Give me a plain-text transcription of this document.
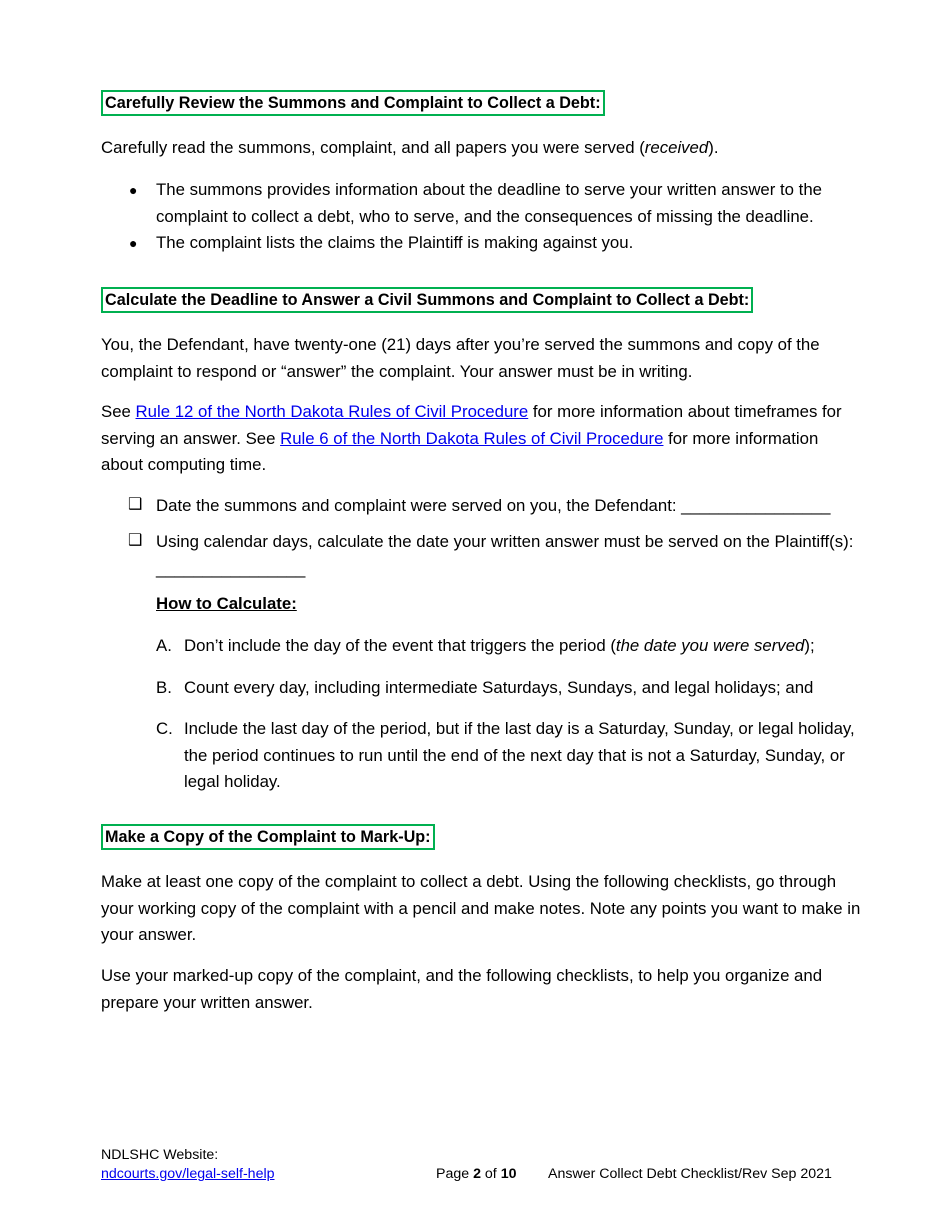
Carefully Review the Summons and Complaint to Collect a Debt:

Carefully read the summons, complaint, and all papers you were served (received).

● The summons provides information about the deadline to serve your written answer to the complaint to collect a debt, who to serve, and the consequences of missing the deadline.
● The complaint lists the claims the Plaintiff is making against you.
Calculate the Deadline to Answer a Civil Summons and Complaint to Collect a Debt:

You, the Defendant, have twenty-one (21) days after you’re served the summons and copy of the complaint to respond or “answer” the complaint. Your answer must be in writing.

See Rule 12 of the North Dakota Rules of Civil Procedure for more information about timeframes for serving an answer. See Rule 6 of the North Dakota Rules of Civil Procedure for more information about computing time.

❑ Date the summons and complaint were served on you, the Defendant: ________________
❑ Using calendar days, calculate the date your written answer must be served on the Plaintiff(s): ________________
How to Calculate:
A. Don’t include the day of the event that triggers the period (the date you were served);
B. Count every day, including intermediate Saturdays, Sundays, and legal holidays; and
C. Include the last day of the period, but if the last day is a Saturday, Sunday, or legal holiday, the period continues to run until the end of the next day that is not a Saturday, Sunday, or legal holiday.
Make a Copy of the Complaint to Mark-Up:

Make at least one copy of the complaint to collect a debt. Using the following checklists, go through your working copy of the complaint with a pencil and make notes. Note any points you want to make in your answer.

Use your marked-up copy of the complaint, and the following checklists, to help you organize and prepare your written answer.

NDLSHC Website:
ndcourts.gov/legal-self-help	Page 2 of 10 Answer Collect Debt Checklist/Rev Sep 2021
